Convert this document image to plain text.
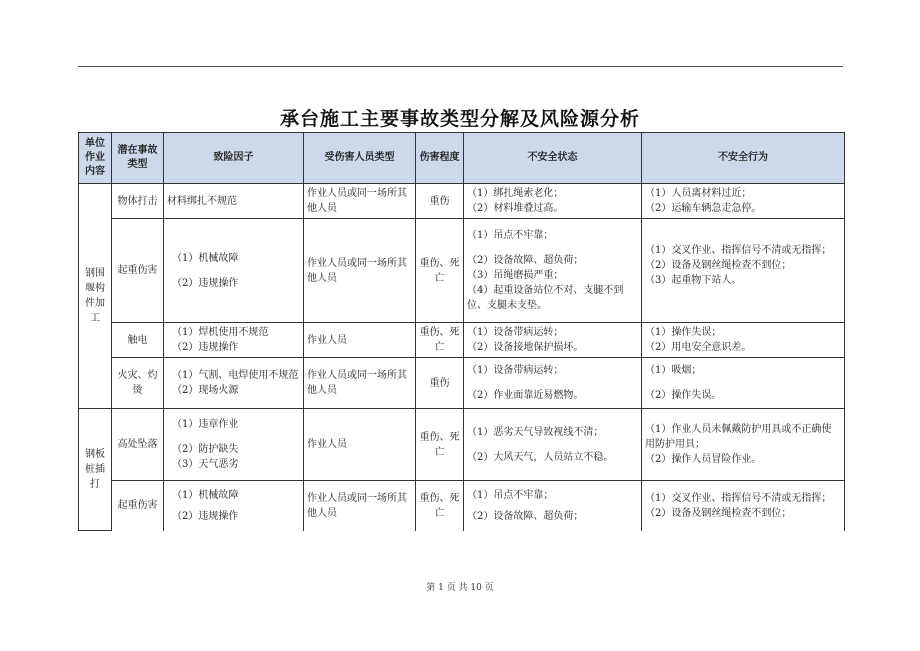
承台施工主要事故类型分解及风险源分析
单位作业内容	潜在事故类型	致险因子	受伤害人员类型	伤害程度	不安全状态	不安全行为
钢围堰构件加工	物体打击	材料绑扎不规范	作业人员或同一场所其他人员	重伤	（1）绑扎绳索老化；
（2）材料堆叠过高。	（1）人员离材料过近；
（2）运输车辆急走急停。

	起重伤害	（1）机械故障
（2）违规操作	作业人员或同一场所其他人员	重伤、死亡	（1）吊点不牢靠；
（2）设备故障、超负荷；
（3）吊绳磨损严重；
（4）起重设备站位不对、支腿不到位、支腿未支垫。	（1）交叉作业、指挥信号不清或无指挥；
（2）设备及钢丝绳检查不到位；
（3）起重物下站人。

	触电	（1）焊机使用不规范
（2）违规操作	作业人员	重伤、死亡	（1）设备带病运转；
（2）设备接地保护损坏。	（1）操作失误；
（2）用电安全意识差。

	火灾、灼烫	（1）气割、电焊使用不规范
（2）现场火源	作业人员或同一场所其他人员	重伤	（1）设备带病运转；
（2）作业面靠近易燃物。	（1）吸烟；
（2）操作失误。

钢板桩插打	高处坠落	（1）违章作业
（2）防护缺失
（3）天气恶劣	作业人员	重伤、死亡	（1）恶劣天气导致视线不清；
（2）大风天气，人员站立不稳。	（1）作业人员未佩戴防护用具或不正确使用防护用具；
（2）操作人员冒险作业。

	起重伤害	（1）机械故障
（2）违规操作	作业人员或同一场所其他人员	重伤、死亡	（1）吊点不牢靠；
（2）设备故障、超负荷；	（1）交叉作业、指挥信号不清或无指挥；
（2）设备及钢丝绳检查不到位；
第 1 页 共 10 页
